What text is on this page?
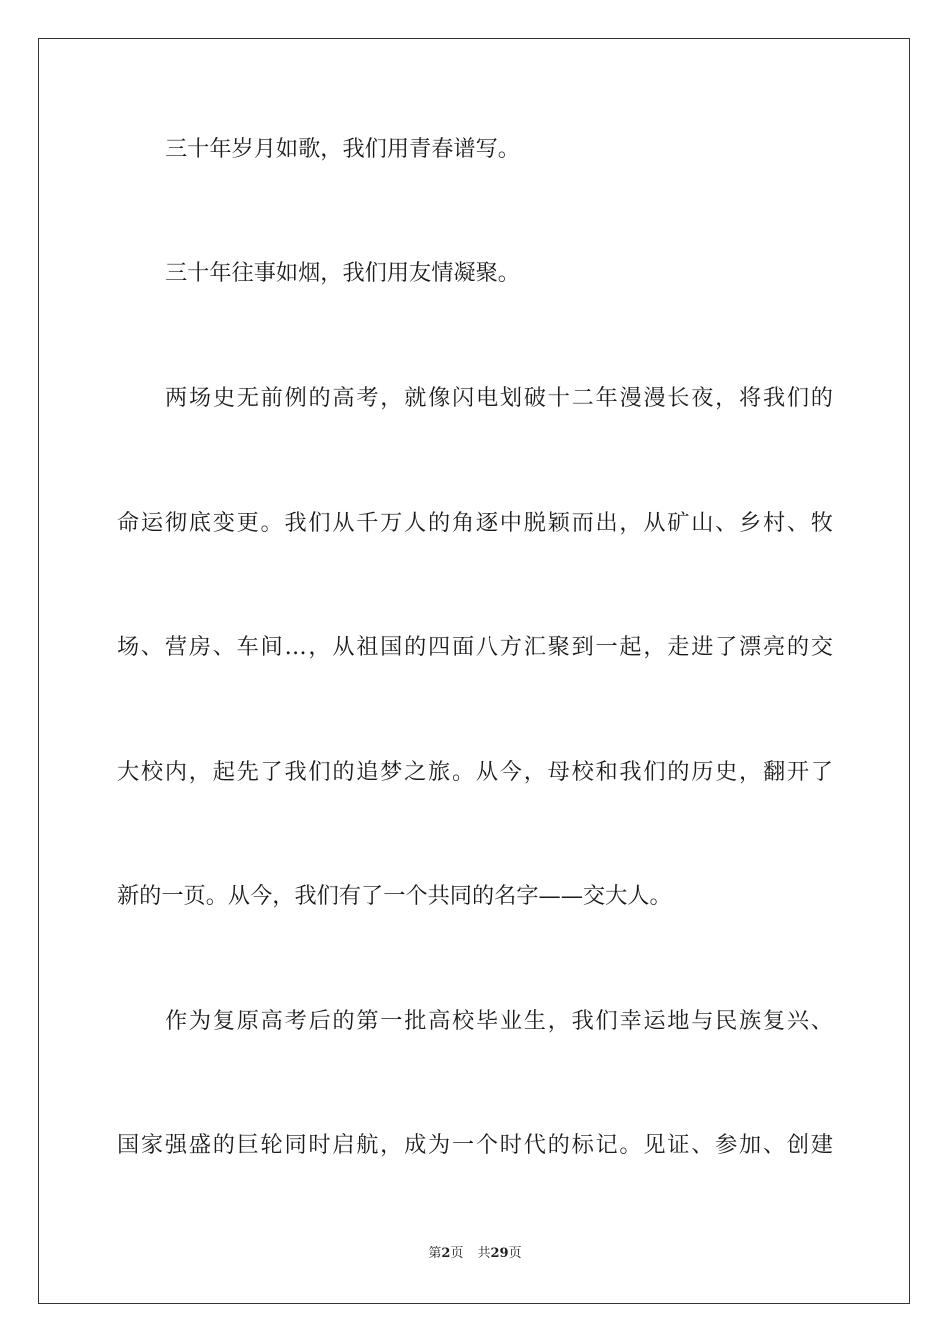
三十年岁月如歌，我们用青春谱写。
三十年往事如烟，我们用友情凝聚。
两场史无前例的高考，就像闪电划破十二年漫漫长夜，将我们的
命运彻底变更。我们从千万人的角逐中脱颖而出，从矿山、乡村、牧
场、营房、车间…，从祖国的四面八方汇聚到一起，走进了漂亮的交
大校内，起先了我们的追梦之旅。从今，母校和我们的历史，翻开了
新的一页。从今，我们有了一个共同的名字——交大人。
作为复原高考后的第一批高校毕业生，我们幸运地与民族复兴、
国家强盛的巨轮同时启航，成为一个时代的标记。见证、参加、创建
第2页 共29页
